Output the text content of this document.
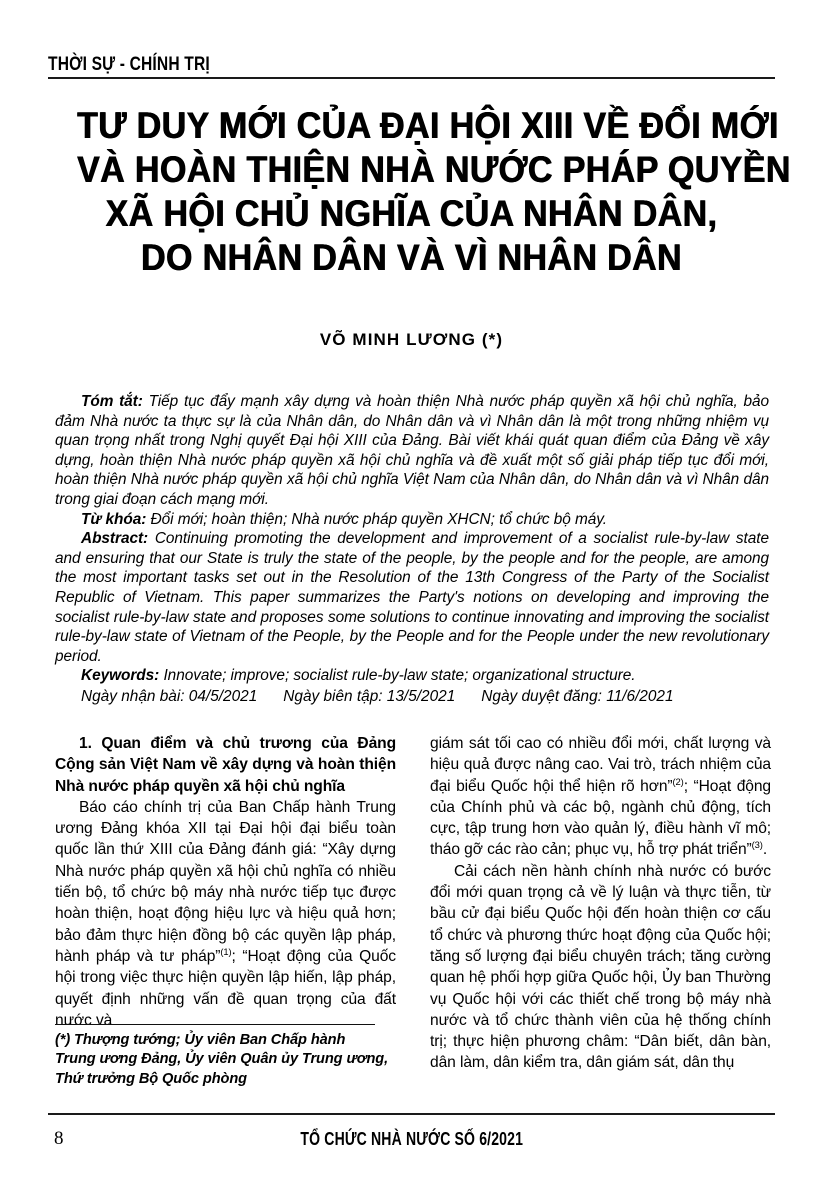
THỜI SỰ - CHÍNH TRỊ
TƯ DUY MỚI CỦA ĐẠI HỘI XIII VỀ ĐỔI MỚI
VÀ HOÀN THIỆN NHÀ NƯỚC PHÁP QUYỀN
XÃ HỘI CHỦ NGHĨA CỦA NHÂN DÂN,
DO NHÂN DÂN VÀ VÌ NHÂN DÂN
VÕ MINH LƯƠNG (*)

Tóm tắt: Tiếp tục đẩy mạnh xây dựng và hoàn thiện Nhà nước pháp quyền xã hội chủ nghĩa, bảo đảm Nhà nước ta thực sự là của Nhân dân, do Nhân dân và vì Nhân dân là một trong những nhiệm vụ quan trọng nhất trong Nghị quyết Đại hội XIII của Đảng. Bài viết khái quát quan điểm của Đảng về xây dựng, hoàn thiện Nhà nước pháp quyền xã hội chủ nghĩa và đề xuất một số giải pháp tiếp tục đổi mới, hoàn thiện Nhà nước pháp quyền xã hội chủ nghĩa Việt Nam của Nhân dân, do Nhân dân và vì Nhân dân trong giai đoạn cách mạng mới.

Từ khóa: Đổi mới; hoàn thiện; Nhà nước pháp quyền XHCN; tổ chức bộ máy.

Abstract: Continuing promoting the development and improvement of a socialist rule-by-law state and ensuring that our State is truly the state of the people, by the people and for the people, are among the most important tasks set out in the Resolution of the 13th Congress of the Party of the Socialist Republic of Vietnam. This paper summarizes the Party's notions on developing and improving the socialist rule-by-law state and proposes some solutions to continue innovating and improving the socialist rule-by-law state of Vietnam of the People, by the People and for the People under the new revolutionary period.

Keywords: Innovate; improve; socialist rule-by-law state; organizational structure.

Ngày nhận bài: 04/5/2021 Ngày biên tập: 13/5/2021 Ngày duyệt đăng: 11/6/2021

1. Quan điểm và chủ trương của Đảng Cộng sản Việt Nam về xây dựng và hoàn thiện Nhà nước pháp quyền xã hội chủ nghĩa

Báo cáo chính trị của Ban Chấp hành Trung ương Đảng khóa XII tại Đại hội đại biểu toàn quốc lần thứ XIII của Đảng đánh giá: “Xây dựng Nhà nước pháp quyền xã hội chủ nghĩa có nhiều tiến bộ, tổ chức bộ máy nhà nước tiếp tục được hoàn thiện, hoạt động hiệu lực và hiệu quả hơn; bảo đảm thực hiện đồng bộ các quyền lập pháp, hành pháp và tư pháp”$^{(1)}$; “Hoạt động của Quốc hội trong việc thực hiện quyền lập hiến, lập pháp, quyết định những vấn đề quan trọng của đất nước và

giám sát tối cao có nhiều đổi mới, chất lượng và hiệu quả được nâng cao. Vai trò, trách nhiệm của đại biểu Quốc hội thể hiện rõ hơn”$^{(2)}$; “Hoạt động của Chính phủ và các bộ, ngành chủ động, tích cực, tập trung hơn vào quản lý, điều hành vĩ mô; tháo gỡ các rào cản; phục vụ, hỗ trợ phát triển”$^{(3)}$.

Cải cách nền hành chính nhà nước có bước đổi mới quan trọng cả về lý luận và thực tiễn, từ bầu cử đại biểu Quốc hội đến hoàn thiện cơ cấu tổ chức và phương thức hoạt động của Quốc hội; tăng số lượng đại biểu chuyên trách; tăng cường quan hệ phối hợp giữa Quốc hội, Ủy ban Thường vụ Quốc hội với các thiết chế trong bộ máy nhà nước và tổ chức thành viên của hệ thống chính trị; thực hiện phương châm: “Dân biết, dân bàn, dân làm, dân kiểm tra, dân giám sát, dân thụ

(*) Thượng tướng; Ủy viên Ban Chấp hành

Trung ương Đảng, Ủy viên Quân ủy Trung ương,

Thứ trưởng Bộ Quốc phòng

8	TỔ CHỨC NHÀ NƯỚC SỐ 6/2021
